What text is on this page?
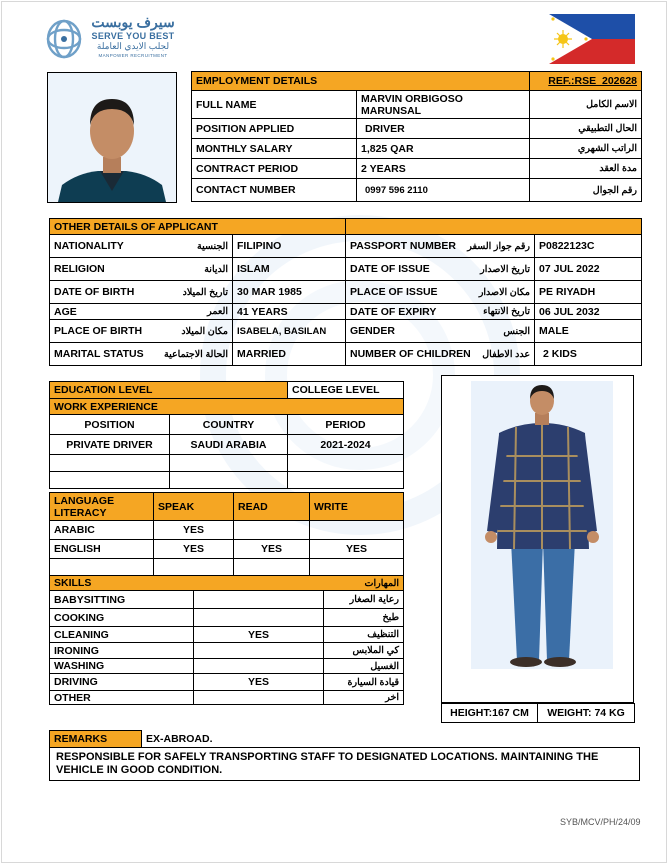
سيرف يوبست
SERVE YOU BEST
لجلب الايدي العاملة
MANPOWER RECRUITMENT
EMPLOYMENT DETAILS		REF.:RSE_202628
FULL NAME	MARVIN ORBIGOSO MARUNSAL	الاسم الكامل
POSITION APPLIED	DRIVER	الحال التطبيقي
MONTHLY SALARY	1,825 QAR	الراتب الشهري
CONTRACT PERIOD	2 YEARS	مدة العقد
CONTACT NUMBER	0997 596 2110	رقم الجوال
OTHER DETAILS OF APPLICANT			

NATIONALITY الجنسية	FILIPINO	PASSPORT NUMBER رقم جواز السفر	P0822123C

RELIGION الديانة	ISLAM	DATE OF ISSUE تاريخ الاصدار	07 JUL 2022

DATE OF BIRTH تاريخ الميلاد	30 MAR 1985	PLACE OF ISSUE مكان الاصدار	PE RIYADH

AGE العمر	41 YEARS	DATE OF EXPIRY تاريخ الانتهاء	06 JUL 2032

PLACE OF BIRTH مكان الميلاد	ISABELA, BASILAN	GENDER الجنس	MALE

MARITAL STATUS الحالة الاجتماعية	MARRIED	NUMBER OF CHILDREN عدد الاطفال	2 KIDS
EDUCATION LEVEL		COLLEGE LEVEL
WORK EXPERIENCE		
POSITION	COUNTRY	PERIOD
PRIVATE DRIVER	SAUDI ARABIA	2021-2024

LANGUAGE LITERACY	SPEAK	READ	WRITE
ARABIC	YES		
ENGLISH	YES	YES	YES

SKILLS المهارات		

BABYSITTING		رعاية الصغار
COOKING		طبخ
CLEANING	YES	التنظيف
IRONING		كي الملابس
WASHING		الغسيل
DRIVING	YES	قيادة السيارة
OTHER		اخر
HEIGHT:167 CM	WEIGHT: 74 KG
REMARKS	EX-ABROAD.
RESPONSIBLE FOR SAFELY TRANSPORTING STAFF TO DESIGNATED LOCATIONS. MAINTAINING THE VEHICLE IN GOOD CONDITION.
SYB/MCV/PH/24/09
